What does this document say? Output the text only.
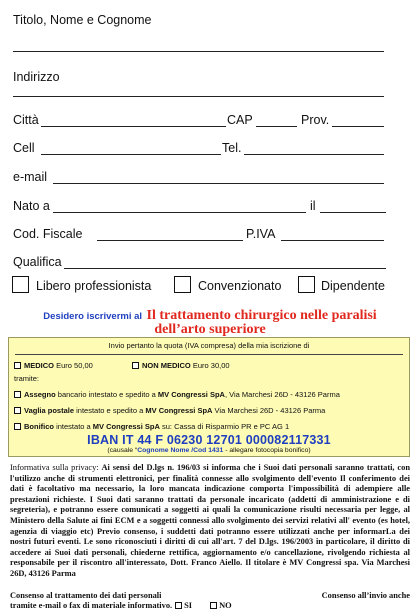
Titolo, Nome e Cognome
Indirizzo
Città	CAP	Prov.
Cell	Tel.
e-mail
Nato a	il
Cod. Fiscale	P.IVA
Qualifica
Libero professionista	Convenzionato	Dipendente
Desidero iscrivermi al Il trattamento chirurgico nelle paralisi
dell’arto superiore
Invio pertanto la quota (IVA compresa) della mia iscrizione di
MEDICO Euro 50,00	NON MEDICO Euro 30,00
tramite:
Assegno bancario intestato e spedito a MV Congressi SpA, Via Marchesi 26D - 43126 Parma
Vaglia postale intestato e spedito a MV Congressi SpA Via Marchesi 26D - 43126 Parma
Bonifico intestato a MV Congressi SpA su: Cassa di Risparmio PR e PC AG 1
IBAN IT 44 F 06230 12701 000082117331
(causale “Cognome Nome /Cod 1431 - allegare fotocopia bonifico)
Informativa sulla privacy: Ai sensi del D.lgs n. 196/03 si informa che i Suoi dati personali saranno trattati, con l'utilizzo anche di strumenti elettronici, per finalità connesse allo svolgimento dell'evento Il conferimento dei dati è facoltativo ma necessario, la loro mancata indicazione comporta l'impossibilità di adempiere alle prestazioni richieste. I Suoi dati saranno trattati da personale incaricato (addetti di amministrazione e di segreteria), e potranno essere comunicati a soggetti ai quali la comunicazione risulti necessaria per legge, al Ministero della Salute ai fini ECM e a soggetti connessi allo svolgimento dei servizi relativi all' evento (es hotel, agenzia di viaggio etc) Previo consenso, i suddetti dati potranno essere utilizzati anche per informarLa dei nostri futuri eventi. Le sono riconosciuti i diritti di cui all'art. 7 del D.lgs. 196/2003 in particolare, il diritto di accedere ai Suoi dati personali, chiederne rettifica, aggiornamento e/o cancellazione, rivolgendo richiesta al responsabile per il riscontro all'interessato, Dott. Franco Aiello. Il titolare è MV Congressi spa. Via Marchesi 26D, 43126 Parma
Consenso al trattamento dei dati personali	Consenso all’invio anche
tramite e-mail o fax di materiale informativo. SI	NO
